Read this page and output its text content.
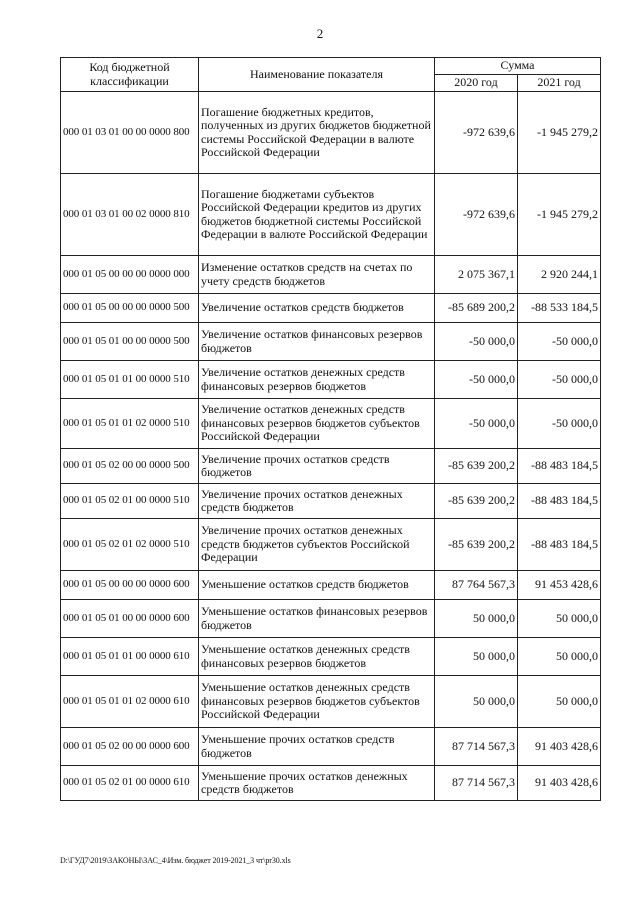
2
Код бюджетной классификации	Наименование показателя	Сумма	
		2020 год	2021 год
000 01 03 01 00 00 0000 800	Погашение бюджетных кредитов, полученных из других бюджетов бюджетной системы Российской Федерации в валюте Российской Федерации	-972 639,6	-1 945 279,2
000 01 03 01 00 02 0000 810	Погашение бюджетами субъектов Российской Федерации кредитов из других бюджетов бюджетной системы Российской Федерации в валюте Российской Федерации	-972 639,6	-1 945 279,2
000 01 05 00 00 00 0000 000	Изменение остатков средств на счетах по учету средств бюджетов	2 075 367,1	2 920 244,1
000 01 05 00 00 00 0000 500	Увеличение остатков средств бюджетов	-85 689 200,2	-88 533 184,5
000 01 05 01 00 00 0000 500	Увеличение остатков финансовых резервов бюджетов	-50 000,0	-50 000,0
000 01 05 01 01 00 0000 510	Увеличение остатков денежных средств финансовых резервов бюджетов	-50 000,0	-50 000,0
000 01 05 01 01 02 0000 510	Увеличение остатков денежных средств финансовых резервов бюджетов субъектов Российской Федерации	-50 000,0	-50 000,0
000 01 05 02 00 00 0000 500	Увеличение прочих остатков средств бюджетов	-85 639 200,2	-88 483 184,5
000 01 05 02 01 00 0000 510	Увеличение прочих остатков денежных средств бюджетов	-85 639 200,2	-88 483 184,5
000 01 05 02 01 02 0000 510	Увеличение прочих остатков денежных средств бюджетов субъектов Российской Федерации	-85 639 200,2	-88 483 184,5
000 01 05 00 00 00 0000 600	Уменьшение остатков средств бюджетов	87 764 567,3	91 453 428,6
000 01 05 01 00 00 0000 600	Уменьшение остатков финансовых резервов бюджетов	50 000,0	50 000,0
000 01 05 01 01 00 0000 610	Уменьшение остатков денежных средств финансовых резервов бюджетов	50 000,0	50 000,0
000 01 05 01 01 02 0000 610	Уменьшение остатков денежных средств финансовых резервов бюджетов субъектов Российской Федерации	50 000,0	50 000,0
000 01 05 02 00 00 0000 600	Уменьшение прочих остатков средств бюджетов	87 714 567,3	91 403 428,6
000 01 05 02 01 00 0000 610	Уменьшение прочих остатков денежных средств бюджетов	87 714 567,3	91 403 428,6
D:\ГУД7\2019\ЗАКОНЫ\ЗАС_4\Изм. бюджет 2019-2021_3 чт\pr30.xls
